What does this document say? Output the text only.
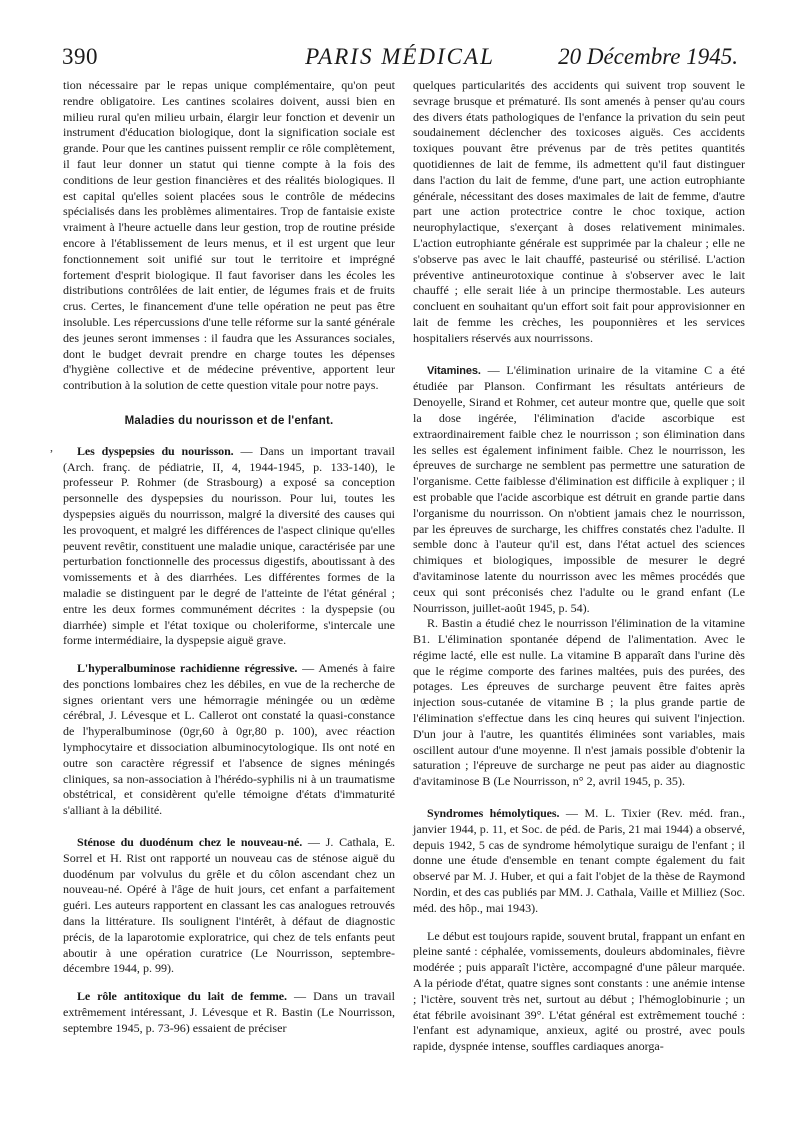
PARIS MÉDICAL
390	20 Décembre 1945.
,

tion nécessaire par le repas unique complémentaire, qu'on peut rendre obligatoire. Les cantines scolaires doivent, aussi bien en milieu rural qu'en milieu urbain, élargir leur fonction et devenir un instrument d'éducation biologique, dont la signification sociale est grande. Pour que les cantines puissent remplir ce rôle complètement, il faut leur donner un statut qui tienne compte à la fois des conditions de leur gestion financières et des réalités biologiques. Il est capital qu'elles soient placées sous le contrôle de médecins spécialisés dans les problèmes alimentaires. Trop de fantaisie existe vraiment à l'heure actuelle dans leur gestion, trop de routine préside encore à l'établissement de leurs menus, et il est urgent que leur fonctionnement soit unifié sur tout le territoire et imprégné fortement d'esprit biologique. Il faut favoriser dans les écoles les distributions contrôlées de lait entier, de légumes frais et de fruits crus. Certes, le financement d'une telle opération ne peut pas être insoluble. Les répercussions d'une telle réforme sur la santé générale des jeunes seront immenses : il faudra que les Assurances sociales, dont le budget devrait prendre en charge toutes les dépenses d'hygiène collective et de médecine préventive, apportent leur contribution à la solution de cette question vitale pour notre pays.

Maladies du nourisson et de l'enfant.

Les dyspepsies du nourisson. — Dans un important travail (Arch. franç. de pédiatrie, II, 4, 1944-1945, p. 133-140), le professeur P. Rohmer (de Strasbourg) a exposé sa conception personnelle des dyspepsies du nourisson. Pour lui, toutes les dyspepsies aiguës du nourrisson, malgré la diversité des causes qui les provoquent, et malgré les différences de l'aspect clinique qu'elles peuvent revêtir, constituent une maladie unique, caractérisée par une perturbation fonctionnelle des processus digestifs, aboutissant à des vomissements et à des diarrhées. Les différentes formes de la maladie se distinguent par le degré de l'atteinte de l'état général ; entre les deux formes communément décrites : la dyspepsie (ou diarrhée) simple et l'état toxique ou choleriforme, s'intercale une forme intermédiaire, la dyspepsie aiguë grave.

L'hyperalbuminose rachidienne régressive. — Amenés à faire des ponctions lombaires chez les débiles, en vue de la recherche de signes orientant vers une hémorragie méningée ou un œdème cérébral, J. Lévesque et L. Callerot ont constaté la quasi-constance de l'hyperalbuminose (0gr,60 à 0gr,80 p. 100), avec réaction lymphocytaire et dissociation albuminocytologique. Ils ont noté en outre son caractère régressif et l'absence de signes méningés cliniques, sa non-association à l'hérédo-syphilis ni à un traumatisme obstétrical, et considèrent qu'elle témoigne d'états d'immaturité s'alliant à la débilité.

Sténose du duodénum chez le nouveau-né. — J. Cathala, E. Sorrel et H. Rist ont rapporté un nouveau cas de sténose aiguë du duodénum par volvulus du grêle et du côlon ascendant chez un nouveau-né. Opéré à l'âge de huit jours, cet enfant a parfaitement guéri. Les auteurs rapportent en classant les cas analogues retrouvés dans la littérature. Ils soulignent l'intérêt, à défaut de diagnostic précis, de la laparotomie exploratrice, qui chez de tels enfants peut aboutir à une opération curatrice (Le Nourrisson, septembre-décembre 1944, p. 99).

Le rôle antitoxique du lait de femme. — Dans un travail extrêmement intéressant, J. Lévesque et R. Bastin (Le Nourrisson, septembre 1945, p. 73-96) essaient de préciser

quelques particularités des accidents qui suivent trop souvent le sevrage brusque et prématuré. Ils sont amenés à penser qu'au cours des divers états pathologiques de l'enfance la privation du sein peut soudainement déclencher des toxicoses aiguës. Ces accidents toxiques pouvant être prévenus par de très petites quantités quotidiennes de lait de femme, ils admettent qu'il faut distinguer dans l'action du lait de femme, d'une part, une action eutrophiante générale, nécessitant des doses maximales de lait de femme, d'autre part une action protectrice contre le choc toxique, action neurophylactique, s'exerçant à doses relativement minimales. L'action eutrophiante générale est supprimée par la chaleur ; elle ne s'observe pas avec le lait chauffé, pasteurisé ou stérilisé. L'action préventive antineurotoxique continue à s'observer avec le lait chauffé ; elle serait liée à un principe thermostable. Les auteurs concluent en souhaitant qu'un effort soit fait pour approvisionner en lait de femme les crèches, les pouponnières et les services hospitaliers réservés aux nourrissons.

Vitamines. — L'élimination urinaire de la vitamine C a été étudiée par Planson. Confirmant les résultats antérieurs de Denoyelle, Sirand et Rohmer, cet auteur montre que, quelle que soit la dose ingérée, l'élimination d'acide ascorbique est extraordinairement faible chez le nourrisson ; son élimination dans les selles est également infiniment faible. Chez le nourrisson, les épreuves de surcharge ne semblent pas permettre une saturation de l'organisme. Cette faiblesse d'élimination est difficile à expliquer ; il est probable que l'acide ascorbique est détruit en grande partie dans l'organisme du nourrisson. On n'obtient jamais chez le nourrisson, par les épreuves de surcharge, les chiffres constatés chez l'adulte. Il semble donc à l'auteur qu'il est, dans l'état actuel des sciences chimiques et biologiques, impossible de mesurer le degré d'avitaminose latente du nourrisson avec les mêmes procédés que ceux qui sont préconisés chez l'adulte ou le grand enfant (Le Nourrisson, juillet-août 1945, p. 54).

R. Bastin a étudié chez le nourrisson l'élimination de la vitamine B1. L'élimination spontanée dépend de l'alimentation. Avec le régime lacté, elle est nulle. La vitamine B apparaît dans l'urine dès que le régime comporte des farines maltées, puis des purées, des potages. Les épreuves de surcharge peuvent être faites après injection sous-cutanée de vitamine B ; la plus grande partie de l'élimination s'effectue dans les cinq heures qui suivent l'injection. D'un jour à l'autre, les quantités éliminées sont variables, mais oscillent autour d'une moyenne. Il n'est jamais possible d'obtenir la saturation ; l'épreuve de surcharge ne peut pas aider au diagnostic d'avitaminose B (Le Nourrisson, n° 2, avril 1945, p. 35).

Syndromes hémolytiques. — M. L. Tixier (Rev. méd. fran., janvier 1944, p. 11, et Soc. de péd. de Paris, 21 mai 1944) a observé, depuis 1942, 5 cas de syndrome hémolytique suraigu de l'enfant ; il donne une étude d'ensemble en tenant compte également du fait observé par M. J. Huber, et qui a fait l'objet de la thèse de Raymond Nordin, et des cas publiés par MM. J. Cathala, Vaille et Milliez (Soc. méd. des hôp., mai 1943).

Le début est toujours rapide, souvent brutal, frappant un enfant en pleine santé : céphalée, vomissements, douleurs abdominales, fièvre modérée ; puis apparaît l'ictère, accompagné d'une pâleur marquée. A la période d'état, quatre signes sont constants : une anémie intense ; l'ictère, souvent très net, surtout au début ; l'hémoglobinurie ; un état fébrile avoisinant 39°. L'état général est extrêmement touché : l'enfant est adynamique, anxieux, agité ou prostré, avec pouls rapide, dyspnée intense, souffles cardiaques anorga-
